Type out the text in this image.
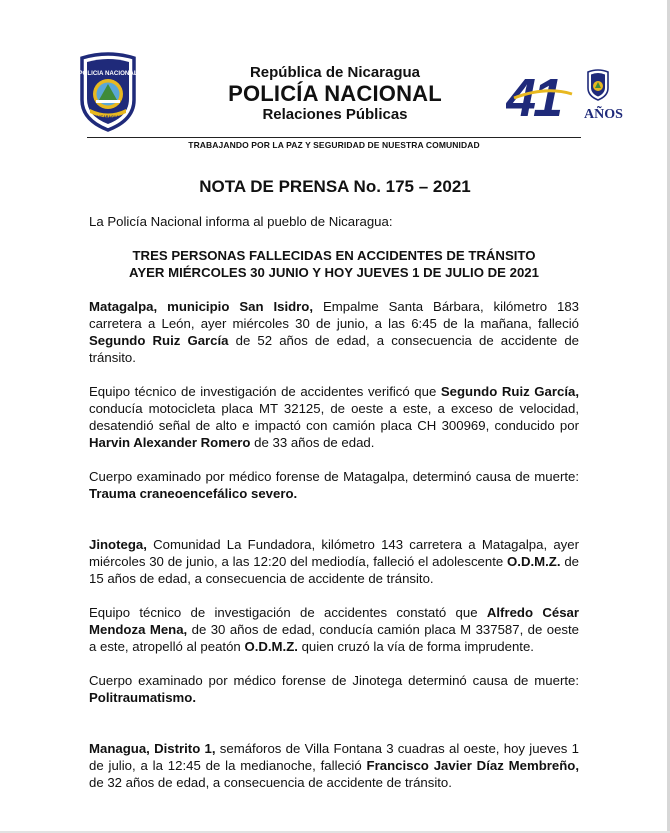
POLICIA NACIONAL
NICARAGUA
República de Nicaragua
POLICÍA NACIONAL
Relaciones Públicas	41 AÑOS
TRABAJANDO POR LA PAZ Y SEGURIDAD DE NUESTRA COMUNIDAD
NOTA DE PRENSA No. 175 – 2021

La Policía Nacional informa al pueblo de Nicaragua:

TRES PERSONAS FALLECIDAS EN ACCIDENTES DE TRÁNSITO
AYER MIÉRCOLES 30 JUNIO Y HOY JUEVES 1 DE JULIO DE 2021

Matagalpa, municipio San Isidro, Empalme Santa Bárbara, kilómetro 183 carretera a León, ayer miércoles 30 de junio, a las 6:45 de la mañana, falleció Segundo Ruiz García de 52 años de edad, a consecuencia de accidente de tránsito.

Equipo técnico de investigación de accidentes verificó que Segundo Ruiz García, conducía motocicleta placa MT 32125, de oeste a este, a exceso de velocidad, desatendió señal de alto e impactó con camión placa CH 300969, conducido por Harvin Alexander Romero de 33 años de edad.

Cuerpo examinado por médico forense de Matagalpa, determinó causa de muerte: Trauma craneoencefálico severo.

Jinotega, Comunidad La Fundadora, kilómetro 143 carretera a Matagalpa, ayer miércoles 30 de junio, a las 12:20 del mediodía, falleció el adolescente O.D.M.Z. de 15 años de edad, a consecuencia de accidente de tránsito.

Equipo técnico de investigación de accidentes constató que Alfredo César Mendoza Mena, de 30 años de edad, conducía camión placa M 337587, de oeste a este, atropelló al peatón O.D.M.Z. quien cruzó la vía de forma imprudente.

Cuerpo examinado por médico forense de Jinotega determinó causa de muerte: Politraumatismo.

Managua, Distrito 1, semáforos de Villa Fontana 3 cuadras al oeste, hoy jueves 1 de julio, a la 12:45 de la medianoche, falleció Francisco Javier Díaz Membreño, de 32 años de edad, a consecuencia de accidente de tránsito.
